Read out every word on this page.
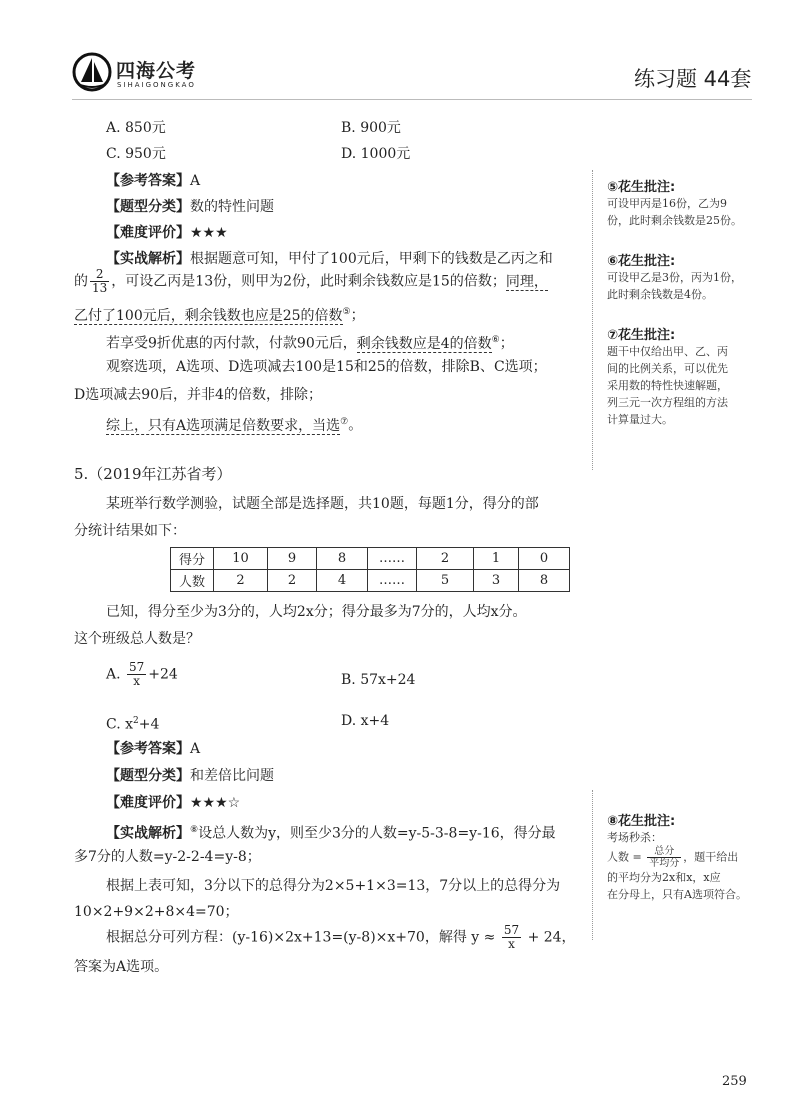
四海公考
SIHAIGONGKAO	练习题 44套
A. 850元	B. 900元
C. 950元	D. 1000元
【参考答案】A
【题型分类】数的特性问题
【难度评价】★★★
【实战解析】根据题意可知，甲付了100元后，甲剩下的钱数是乙丙之和
的 $\frac{2}{13}$ ，可设乙丙是13份，则甲为2份，此时剩余钱数应是15的倍数；同理，
乙付了100元后，剩余钱数也应是25的倍数⑤；
若享受9折优惠的丙付款，付款90元后，剩余钱数应是4的倍数⑥；
观察选项，A选项、D选项减去100是15和25的倍数，排除B、C选项；
D选项减去90后，并非4的倍数，排除；
综上，只有A选项满足倍数要求，当选⑦。
⑤花生批注:
可设甲丙是16份，乙为9
份，此时剩余钱数是25份。
⑥花生批注:
可设甲乙是3份，丙为1份，
此时剩余钱数是4份。
⑦花生批注:
题干中仅给出甲、乙、丙
间的比例关系，可以优先
采用数的特性快速解题，
列三元一次方程组的方法
计算量过大。
5.（2019年江苏省考）
某班举行数学测验，试题全部是选择题，共10题，每题1分，得分的部
分统计结果如下：
得分	10	9	8	……	2	1	0
人数	2	2	4	……	5	3	8
已知，得分至少为3分的，人均2x分；得分最多为7分的，人均x分。
这个班级总人数是？
A. $\frac{57}{x} +24$	B. 57x+24
C. $x^2+4$	D. x+4
【参考答案】A
【题型分类】和差倍比问题
【难度评价】★★★☆
【实战解析】⑧设总人数为y，则至少3分的人数=y-5-3-8=y-16，得分最
多7分的人数=y-2-2-4=y-8；
根据上表可知，3分以下的总得分为2×5+1×3=13，7分以上的总得分为
10×2+9×2+8×4=70；
根据总分可列方程：(y-16)×2x+13=(y-8)×x+70，解得 $y \approx \frac{57}{x} + 24$，
答案为A选项。
⑧花生批注:
考场秒杀：
人数 = $\frac{\text{总分}}{\text{平均分}}$ ，题干给出
的平均分为2x和x，x应
在分母上，只有A选项符合。
259
